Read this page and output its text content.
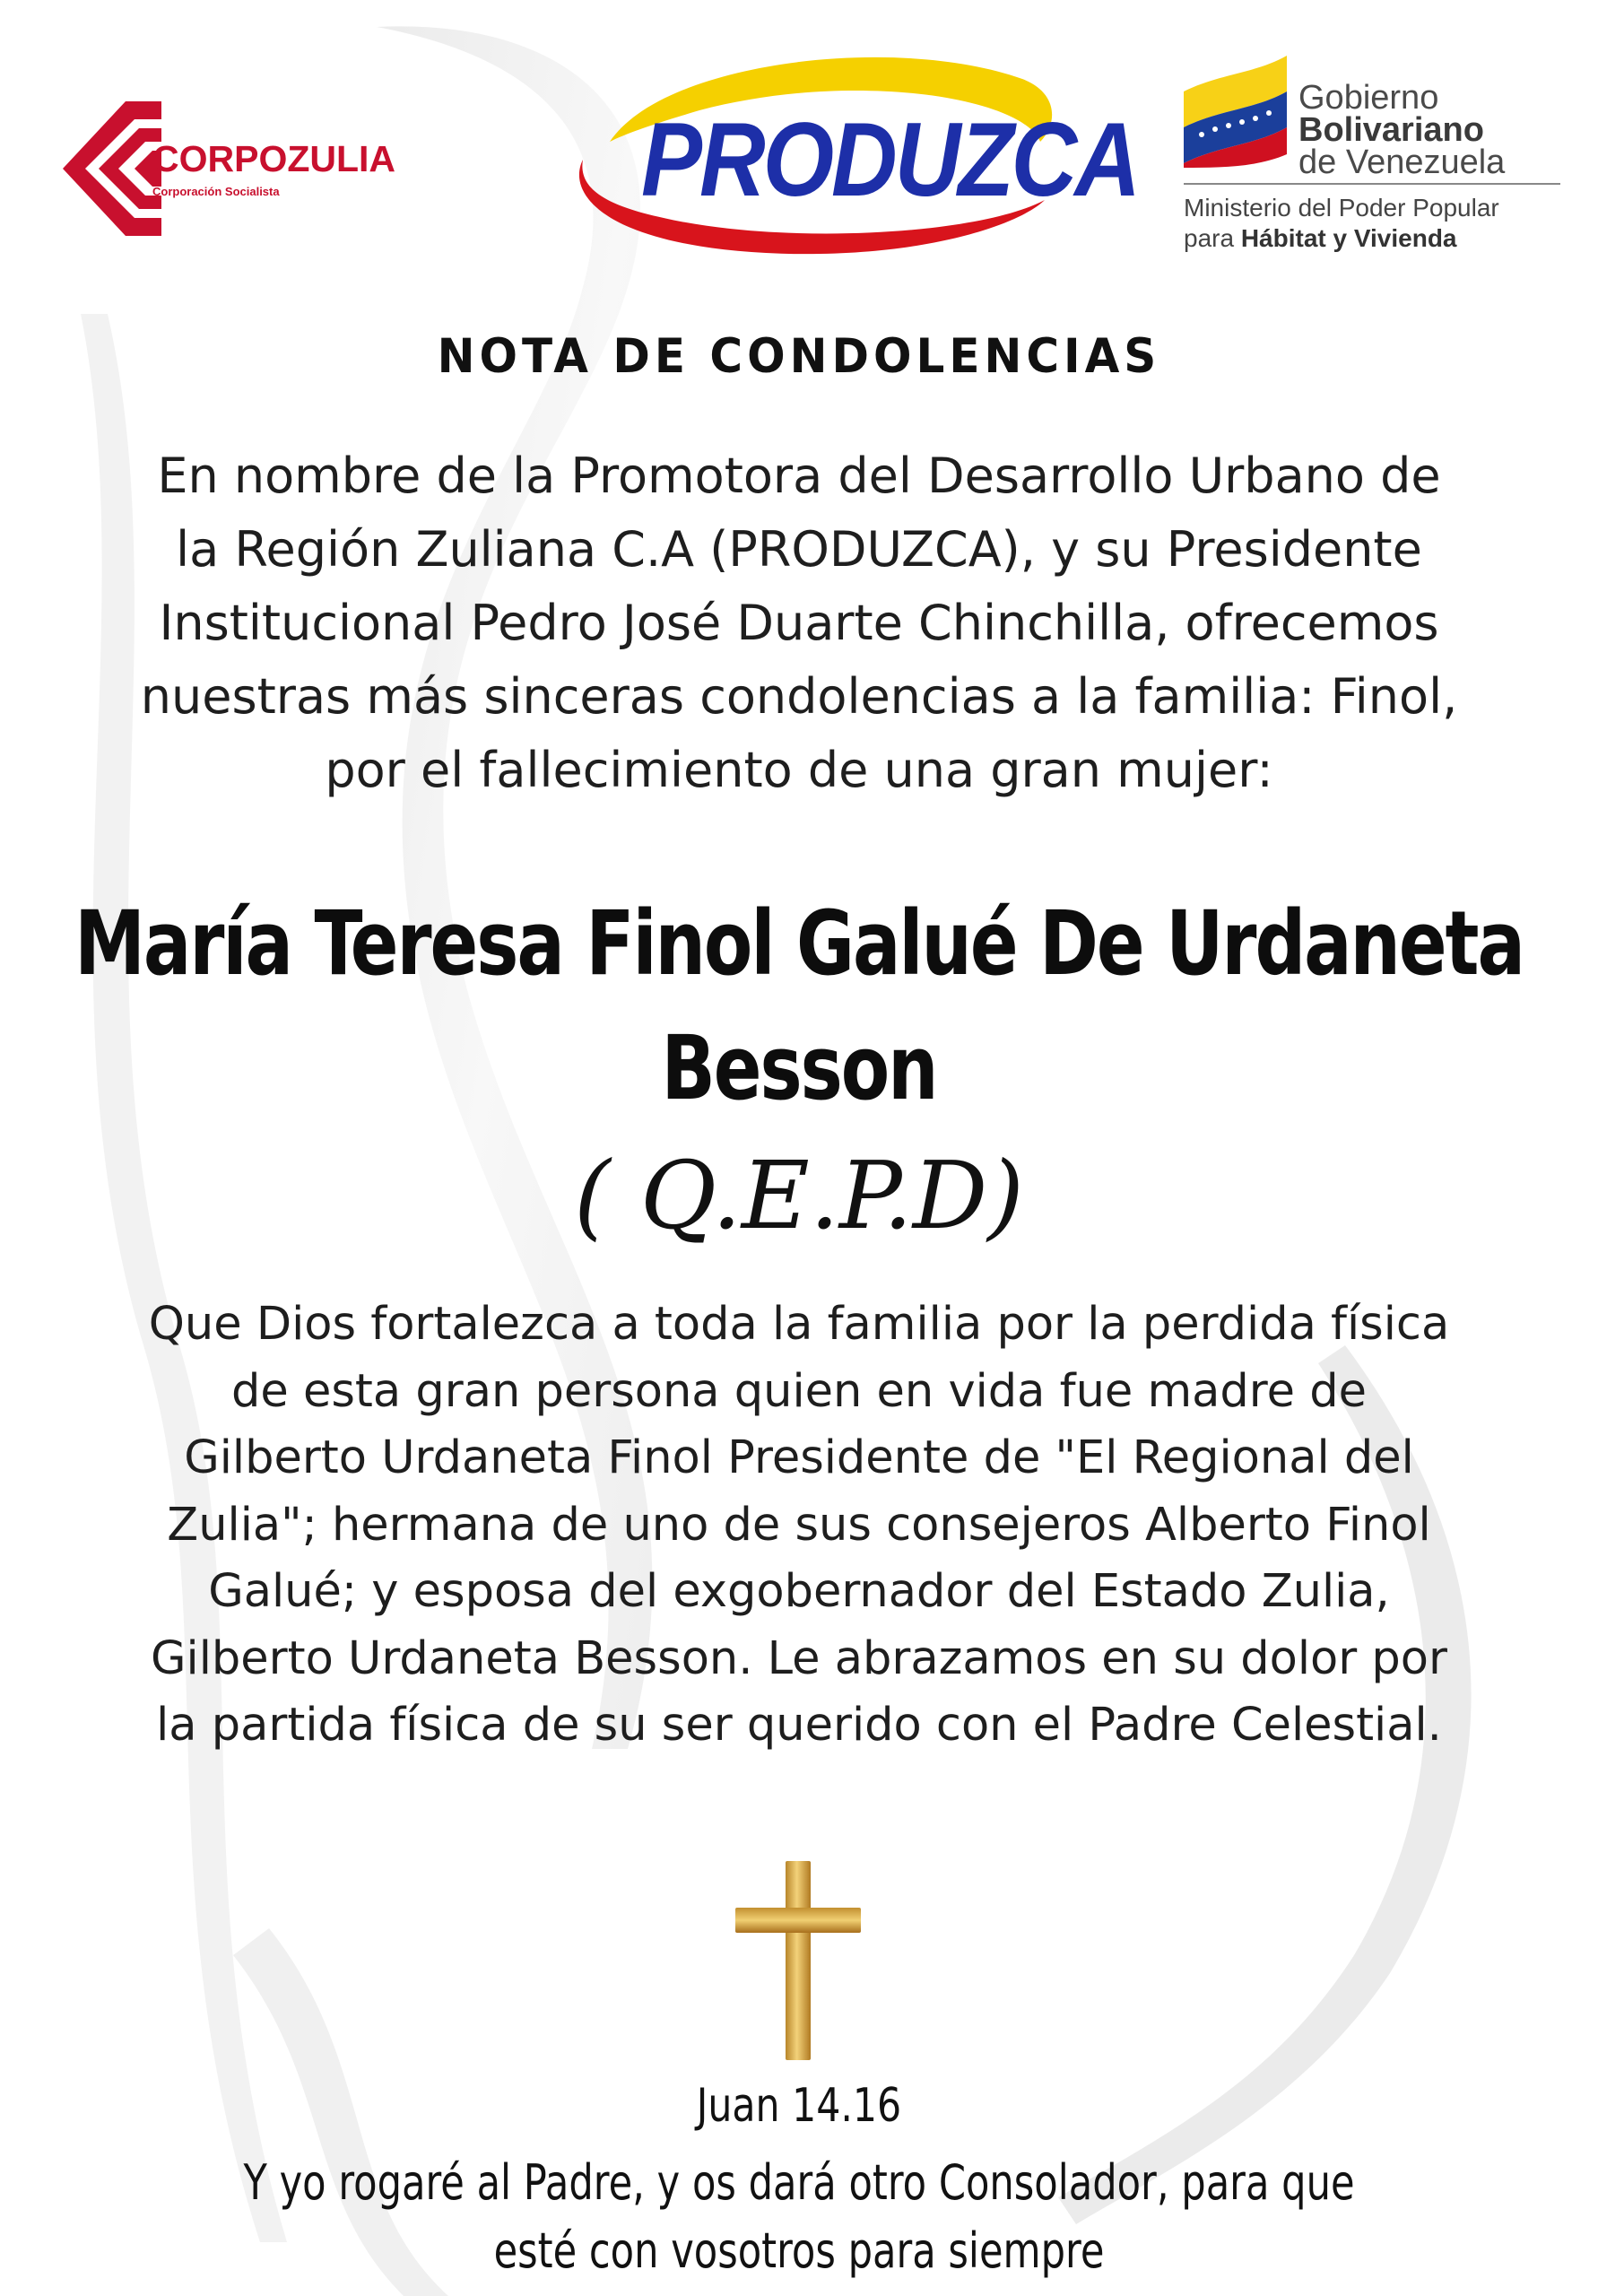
CORPOZULIA
Corporación Socialista	PRODUZCA
Gobierno
Bolivariano
de Venezuela
Ministerio del Poder Popular
para Hábitat y Vivienda
NOTA DE CONDOLENCIAS

En nombre de la Promotora del Desarrollo Urbano de la Región Zuliana C.A (PRODUZCA), y su Presidente Institucional Pedro José Duarte Chinchilla, ofrecemos nuestras más sinceras condolencias a la familia: Finol, por el fallecimiento de una gran mujer:

María Teresa Finol Galué De Urdaneta Besson
( Q.E.P.D)

Que Dios fortalezca a toda la familia por la perdida física de esta gran persona quien en vida fue madre de Gilberto Urdaneta Finol Presidente de "El Regional del Zulia"; hermana de uno de sus consejeros Alberto Finol Galué; y esposa del exgobernador del Estado Zulia, Gilberto Urdaneta Besson. Le abrazamos en su dolor por la partida física de su ser querido con el Padre Celestial.

Juan 14.16

Y yo rogaré al Padre, y os dará otro Consolador, para que esté con vosotros para siempre
